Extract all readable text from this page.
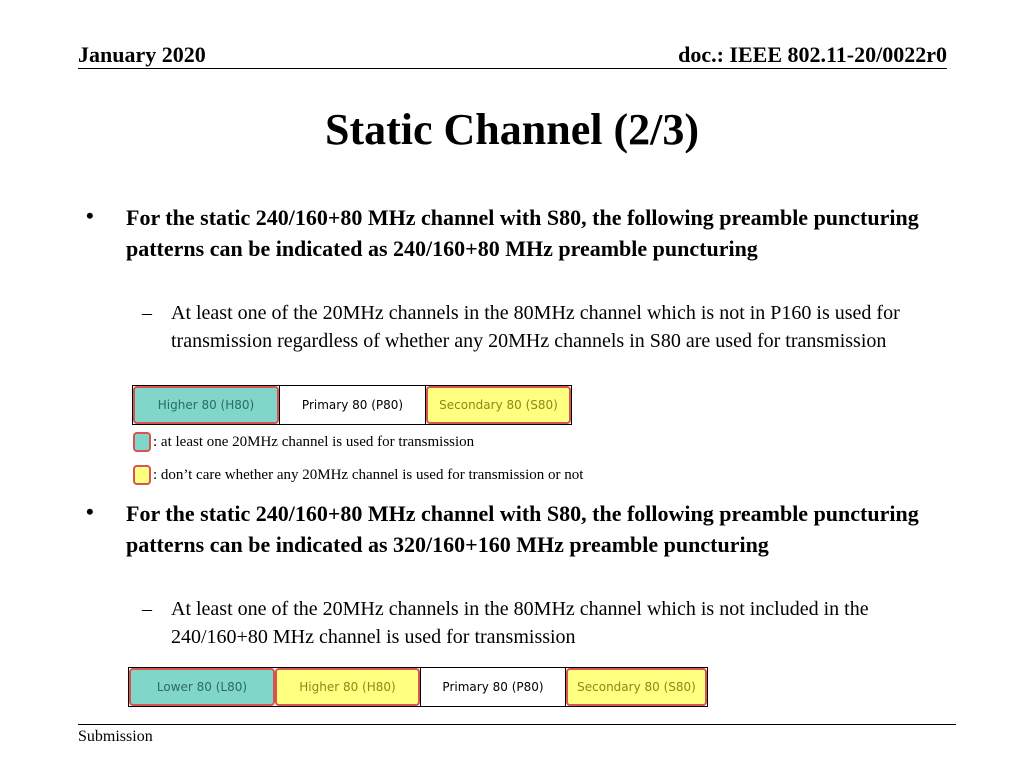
January 2020	doc.: IEEE 802.11-20/0022r0
Static Channel (2/3)
• For the static 240/160+80 MHz channel with S80, the following preamble puncturing patterns can be indicated as 240/160+80 MHz preamble puncturing
– At least one of the 20MHz channels in the 80MHz channel which is not in P160 is used for transmission regardless of whether any 20MHz channels in S80 are used for transmission
Higher 80 (H80)	Primary 80 (P80)	Secondary 80 (S80)
: at least one 20MHz channel is used for transmission
: don’t care whether any 20MHz channel is used for transmission or not
• For the static 240/160+80 MHz channel with S80, the following preamble puncturing patterns can be indicated as 320/160+160 MHz preamble puncturing
– At least one of the 20MHz channels in the 80MHz channel which is not included in the 240/160+80 MHz channel is used for transmission
Lower 80 (L80)	Higher 80 (H80)	Primary 80 (P80)	Secondary 80 (S80)
Submission
